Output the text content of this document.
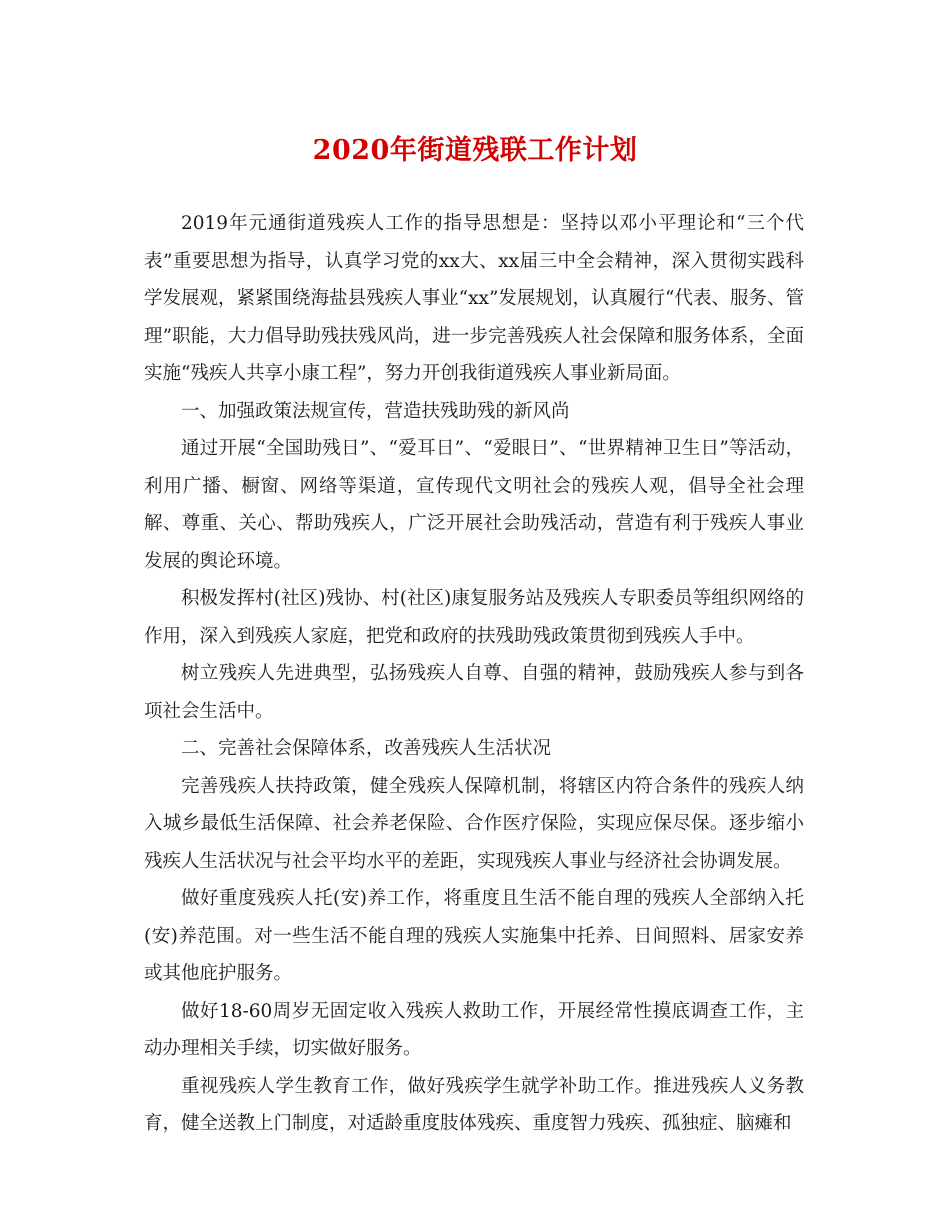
2020年街道残联工作计划

2019年元通街道残疾人工作的指导思想是：坚持以邓小平理论和“三个代表”重要思想为指导，认真学习党的xx大、xx届三中全会精神，深入贯彻实践科学发展观，紧紧围绕海盐县残疾人事业“xx”发展规划，认真履行“代表、服务、管理”职能，大力倡导助残扶残风尚，进一步完善残疾人社会保障和服务体系，全面实施“残疾人共享小康工程”，努力开创我街道残疾人事业新局面。

一、加强政策法规宣传，营造扶残助残的新风尚

通过开展“全国助残日”、“爱耳日”、“爱眼日”、“世界精神卫生日”等活动，利用广播、橱窗、网络等渠道，宣传现代文明社会的残疾人观，倡导全社会理解、尊重、关心、帮助残疾人，广泛开展社会助残活动，营造有利于残疾人事业发展的舆论环境。

积极发挥村(社区)残协、村(社区)康复服务站及残疾人专职委员等组织网络的作用，深入到残疾人家庭，把党和政府的扶残助残政策贯彻到残疾人手中。

树立残疾人先进典型，弘扬残疾人自尊、自强的精神，鼓励残疾人参与到各项社会生活中。

二、完善社会保障体系，改善残疾人生活状况

完善残疾人扶持政策，健全残疾人保障机制，将辖区内符合条件的残疾人纳入城乡最低生活保障、社会养老保险、合作医疗保险，实现应保尽保。逐步缩小残疾人生活状况与社会平均水平的差距，实现残疾人事业与经济社会协调发展。

做好重度残疾人托(安)养工作，将重度且生活不能自理的残疾人全部纳入托(安)养范围。对一些生活不能自理的残疾人实施集中托养、日间照料、居家安养或其他庇护服务。

做好18-60周岁无固定收入残疾人救助工作，开展经常性摸底调查工作，主动办理相关手续，切实做好服务。

重视残疾人学生教育工作，做好残疾学生就学补助工作。推进残疾人义务教育，健全送教上门制度，对适龄重度肢体残疾、重度智力残疾、孤独症、脑瘫和
